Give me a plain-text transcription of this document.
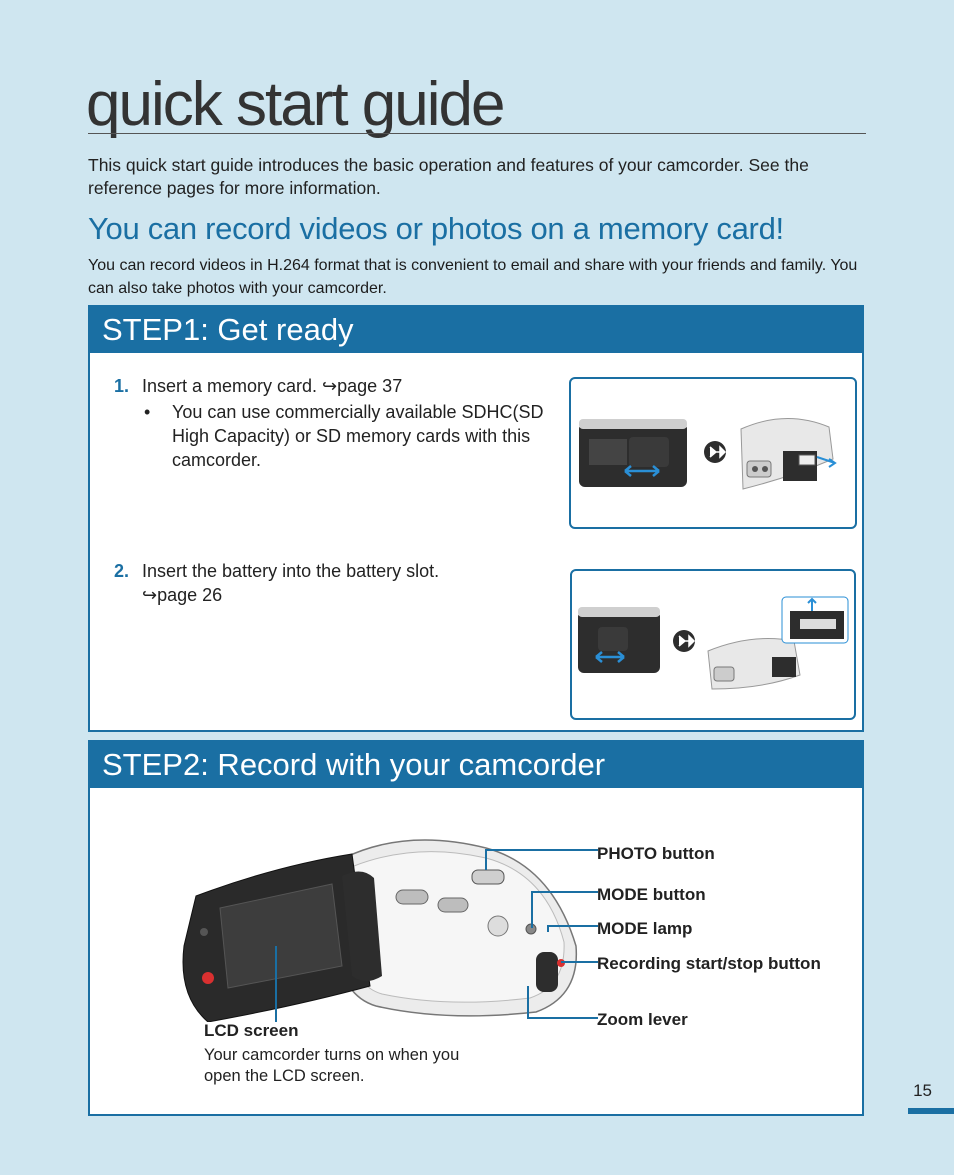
quick start guide
This quick start guide introduces the basic operation and features of your camcorder. See the reference pages for more information.
You can record videos or photos on a memory card!
You can record videos in H.264 format that is convenient to email and share with your friends and family. You can also take photos with your camcorder.
STEP1: Get ready
1. Insert a memory card. ↪page 37
• You can use commercially available SDHC(SD High Capacity) or SD memory cards with this camcorder.
2. Insert the battery into the battery slot.
↪page 26
STEP2: Record with your camcorder
PHOTO button
MODE button
MODE lamp
Recording start/stop button
Zoom lever
LCD screen
Your camcorder turns on when you open the LCD screen.
15
